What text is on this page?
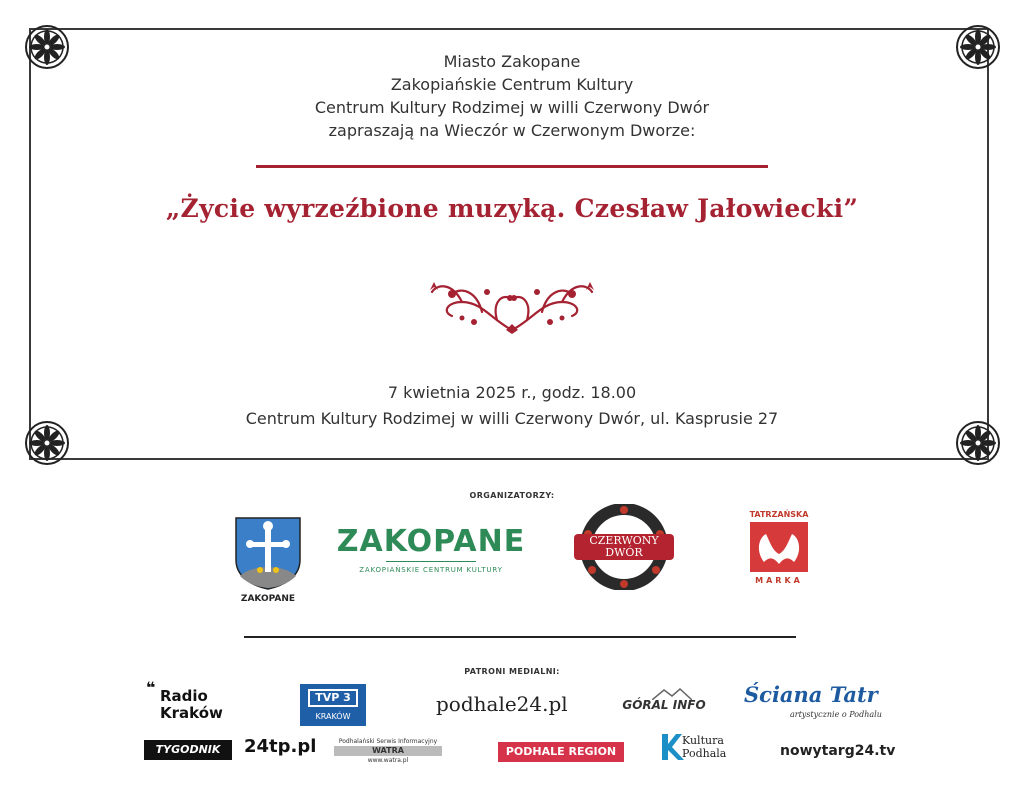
Miasto Zakopane
Zakopiańskie Centrum Kultury
Centrum Kultury Rodzimej w willi Czerwony Dwór
zapraszają na Wieczór w Czerwonym Dworze:
„Życie wyrzeźbione muzyką. Czesław Jałowiecki”
7 kwietnia 2025 r., godz. 18.00
Centrum Kultury Rodzimej w willi Czerwony Dwór, ul. Kasprusie 27
ORGANIZATORZY:
ZAKOPANE
ZAKOPANE
ZAKOPIAŃSKIE CENTRUM KULTURY
CZERWONY
DWÓR
TATRZAŃSKA
MARKA
PATRONI MEDIALNI:
❝ Radio
Kraków
TVP 3
KRAKÓW
podhale24.pl	GÓRAL INFO Ściana Tatr
artystycznie o Podhalu
TYGODNIK	24tp.pl	Podhalański Serwis Informacyjny
WATRA
www.watra.pl
PODHALE REGION
Kultura
Podhala	nowytarg24.tv
